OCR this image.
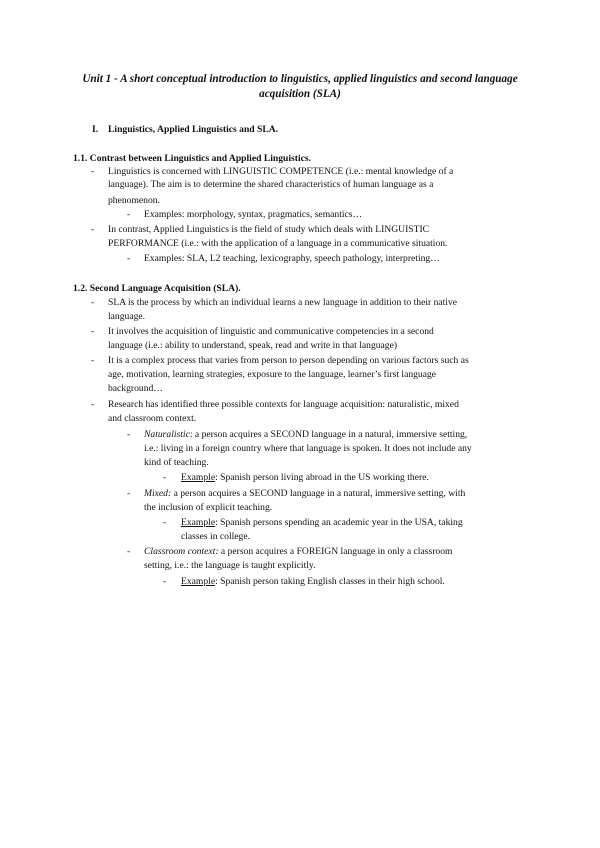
Unit 1 - A short conceptual introduction to linguistics, applied linguistics and second language
acquisition (SLA)
I. Linguistics, Applied Linguistics and SLA.
1.1. Contrast between Linguistics and Applied Linguistics.
- Linguistics is concerned with LINGUISTIC COMPETENCE (i.e.: mental knowledge of a
language). The aim is to determine the shared characteristics of human language as a
phenomenon.
- Examples: morphology, syntax, pragmatics, semantics…
- In contrast, Applied Linguistics is the field of study which deals with LINGUISTIC
PERFORMANCE (i.e.: with the application of a language in a communicative situation.
- Examples: SLA, L2 teaching, lexicography, speech pathology, interpreting…
1.2. Second Language Acquisition (SLA).
- SLA is the process by which an individual learns a new language in addition to their native
language.
- It involves the acquisition of linguistic and communicative competencies in a second
language (i.e.: ability to understand, speak, read and write in that language)
- It is a complex process that varies from person to person depending on various factors such as
age, motivation, learning strategies, exposure to the language, learner’s first language
background…
- Research has identified three possible contexts for language acquisition: naturalistic, mixed
and classroom context.
- Naturalistic: a person acquires a SECOND language in a natural, immersive setting,
i.e.: living in a foreign country where that language is spoken. It does not include any
kind of teaching.
- Example: Spanish person living abroad in the US working there.
- Mixed: a person acquires a SECOND language in a natural, immersive setting, with
the inclusion of explicit teaching.
- Example: Spanish persons spending an academic year in the USA, taking
classes in college.
- Classroom context: a person acquires a FOREIGN language in only a classroom
setting, i.e.: the language is taught explicitly.
- Example: Spanish person taking English classes in their high school.
